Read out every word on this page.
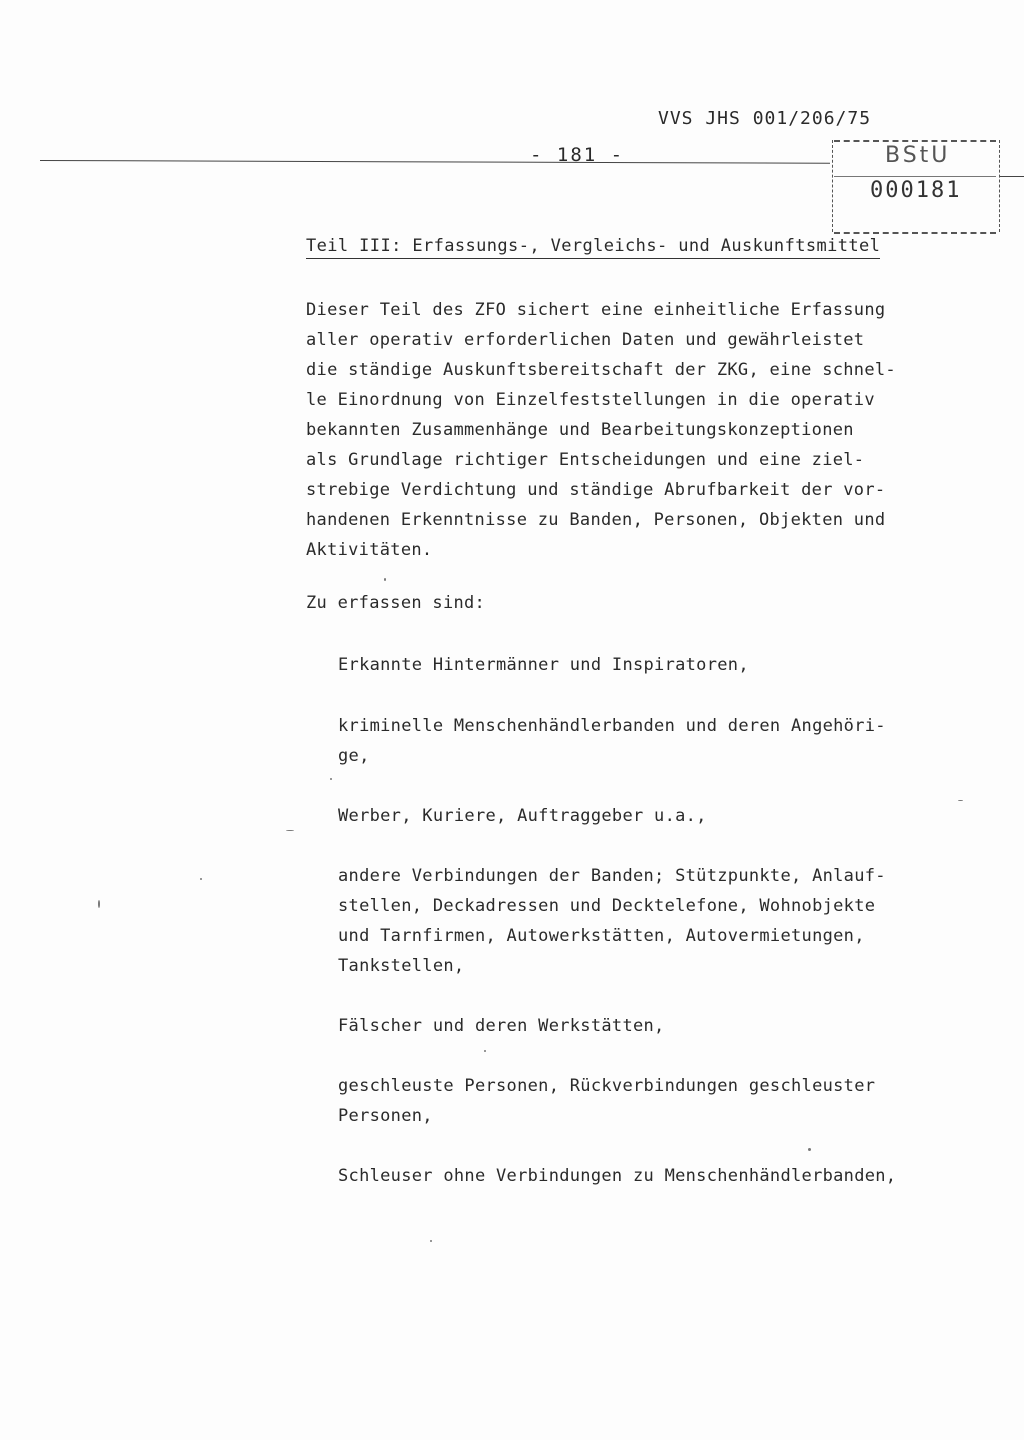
VVS JHS 001/206/75
- 181 -	BStU
000181
Teil III: Erfassungs-, Vergleichs- und Auskunftsmittel
Dieser Teil des ZFO sichert eine einheitliche Erfassung
aller operativ erforderlichen Daten und gewährleistet
die ständige Auskunftsbereitschaft der ZKG, eine schnel-
le Einordnung von Einzelfeststellungen in die operativ
bekannten Zusammenhänge und Bearbeitungskonzeptionen
als Grundlage richtiger Entscheidungen und eine ziel-
strebige Verdichtung und ständige Abrufbarkeit der vor-
handenen Erkenntnisse zu Banden, Personen, Objekten und
Aktivitäten.
Zu erfassen sind:
Erkannte Hintermänner und Inspiratoren,
kriminelle Menschenhändlerbanden und deren Angehöri-
ge,
Werber, Kuriere, Auftraggeber u.a.,
andere Verbindungen der Banden; Stützpunkte, Anlauf-
stellen, Deckadressen und Decktelefone, Wohnobjekte
und Tarnfirmen, Autowerkstätten, Autovermietungen,
Tankstellen,
Fälscher und deren Werkstätten,
geschleuste Personen, Rückverbindungen geschleuster
Personen,
Schleuser ohne Verbindungen zu Menschenhändlerbanden,
